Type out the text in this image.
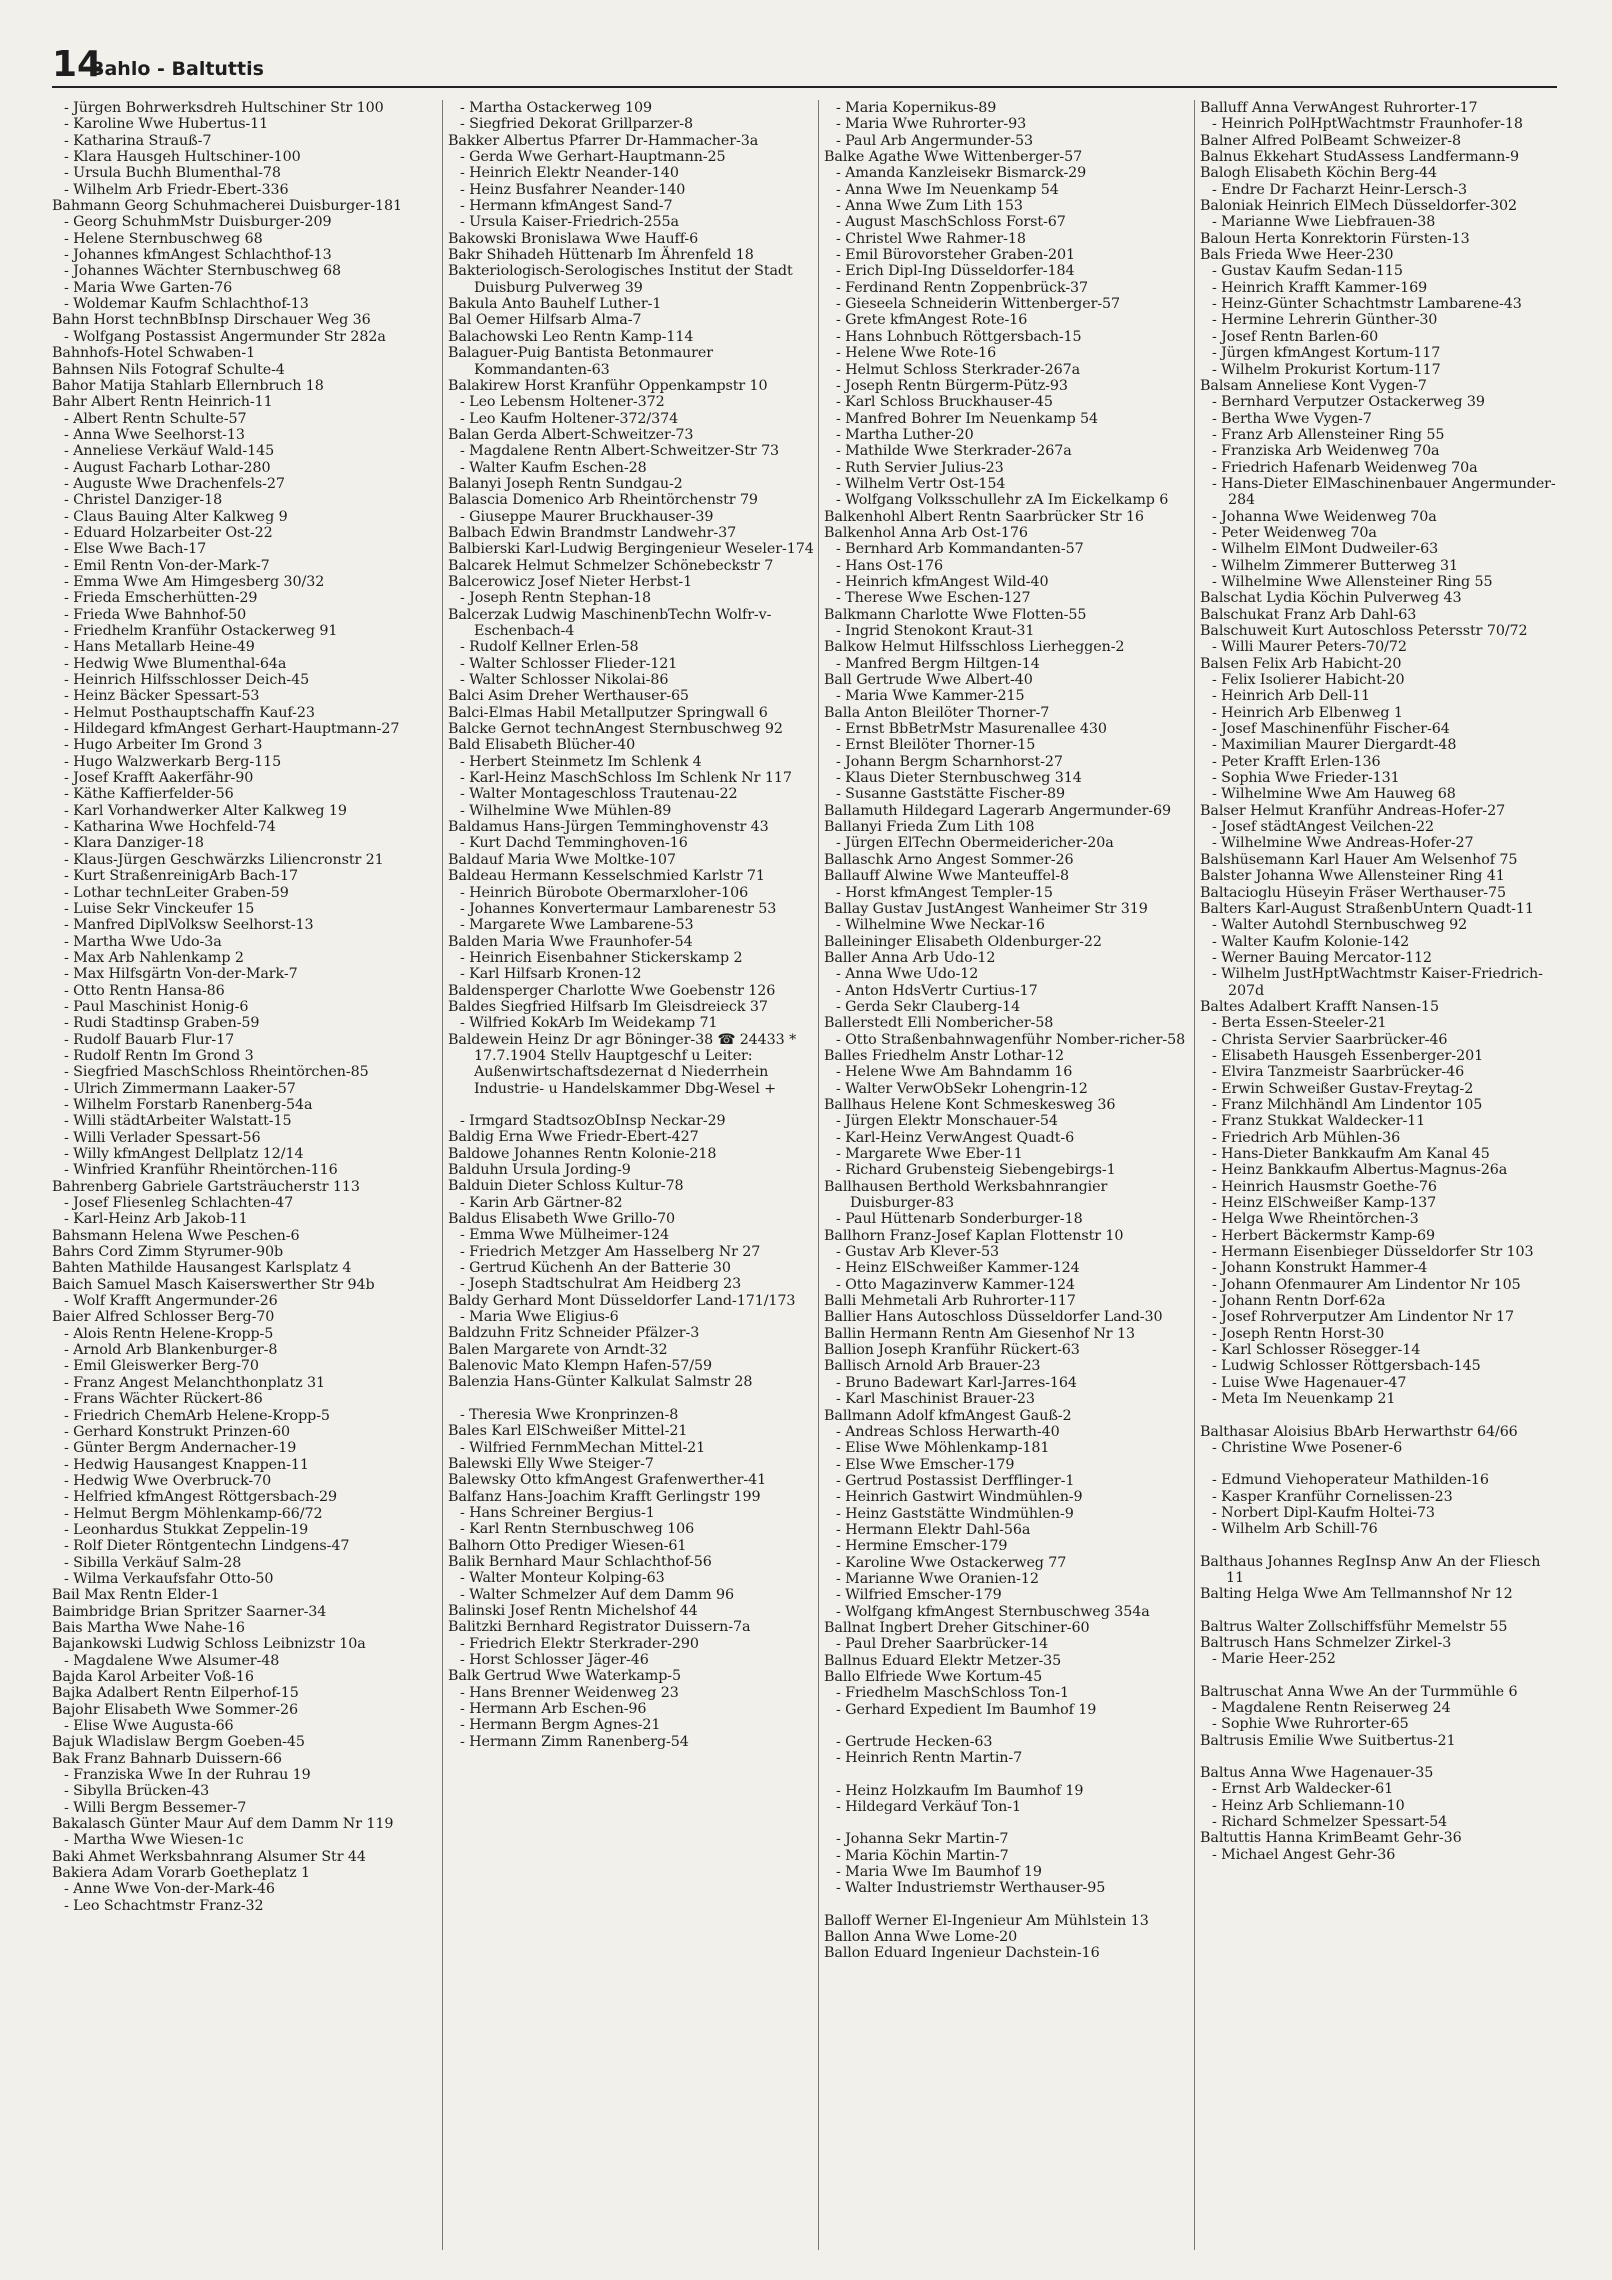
14
Bahlo - Baltuttis
- Jürgen Bohrwerksdreh Hultschiner Str 100
- Karoline Wwe Hubertus-11
- Katharina Strauß-7
- Klara Hausgeh Hultschiner-100
- Ursula Buchh Blumenthal-78
- Wilhelm Arb Friedr-Ebert-336
Bahmann Georg Schuhmacherei Duisburger-181
- Georg SchuhmMstr Duisburger-209
- Helene Sternbuschweg 68
- Johannes kfmAngest Schlachthof-13
- Johannes Wächter Sternbuschweg 68
- Maria Wwe Garten-76
- Woldemar Kaufm Schlachthof-13
Bahn Horst technBbInsp Dirschauer Weg 36
- Wolfgang Postassist Angermunder Str 282a
Bahnhofs-Hotel Schwaben-1
Bahnsen Nils Fotograf Schulte-4
Bahor Matija Stahlarb Ellernbruch 18
Bahr Albert Rentn Heinrich-11
- Albert Rentn Schulte-57
- Anna Wwe Seelhorst-13
- Anneliese Verkäuf Wald-145
- August Facharb Lothar-280
- Auguste Wwe Drachenfels-27
- Christel Danziger-18
- Claus Bauing Alter Kalkweg 9
- Eduard Holzarbeiter Ost-22
- Else Wwe Bach-17
- Emil Rentn Von-der-Mark-7
- Emma Wwe Am Himgesberg 30/32
- Frieda Emscherhütten-29
- Frieda Wwe Bahnhof-50
- Friedhelm Kranführ Ostackerweg 91
- Hans Metallarb Heine-49
- Hedwig Wwe Blumenthal-64a
- Heinrich Hilfsschlosser Deich-45
- Heinz Bäcker Spessart-53
- Helmut Posthauptschaffn Kauf-23
- Hildegard kfmAngest Gerhart-Hauptmann-27
- Hugo Arbeiter Im Grond 3
- Hugo Walzwerkarb Berg-115
- Josef Krafft Aakerfähr-90
- Käthe Kaffierfelder-56
- Karl Vorhandwerker Alter Kalkweg 19
- Katharina Wwe Hochfeld-74
- Klara Danziger-18
- Klaus-Jürgen Geschwärzks Liliencronstr 21
- Kurt StraßenreinigArb Bach-17
- Lothar technLeiter Graben-59
- Luise Sekr Vinckeufer 15
- Manfred DiplVolksw Seelhorst-13
- Martha Wwe Udo-3a
- Max Arb Nahlenkamp 2
- Max Hilfsgärtn Von-der-Mark-7
- Otto Rentn Hansa-86
- Paul Maschinist Honig-6
- Rudi Stadtinsp Graben-59
- Rudolf Bauarb Flur-17
- Rudolf Rentn Im Grond 3
- Siegfried MaschSchloss Rheintörchen-85
- Ulrich Zimmermann Laaker-57
- Wilhelm Forstarb Ranenberg-54a
- Willi städtArbeiter Walstatt-15
- Willi Verlader Spessart-56
- Willy kfmAngest Dellplatz 12/14
- Winfried Kranführ Rheintörchen-116
Bahrenberg Gabriele Gartsträucherstr 113
- Josef Fliesenleg Schlachten-47
- Karl-Heinz Arb Jakob-11
Bahsmann Helena Wwe Peschen-6
Bahrs Cord Zimm Styrumer-90b
Bahten Mathilde Hausangest Karlsplatz 4
Baich Samuel Masch Kaiserswerther Str 94b
- Wolf Krafft Angermunder-26
Baier Alfred Schlosser Berg-70
- Alois Rentn Helene-Kropp-5
- Arnold Arb Blankenburger-8
- Emil Gleiswerker Berg-70
- Franz Angest Melanchthonplatz 31
- Frans Wächter Rückert-86
- Friedrich ChemArb Helene-Kropp-5
- Gerhard Konstrukt Prinzen-60
- Günter Bergm Andernacher-19
- Hedwig Hausangest Knappen-11
- Hedwig Wwe Overbruck-70
- Helfried kfmAngest Röttgersbach-29
- Helmut Bergm Möhlenkamp-66/72
- Leonhardus Stukkat Zeppelin-19
- Rolf Dieter Röntgentechn Lindgens-47
- Sibilla Verkäuf Salm-28
- Wilma Verkaufsfahr Otto-50
Bail Max Rentn Elder-1
Baimbridge Brian Spritzer Saarner-34
Bais Martha Wwe Nahe-16
Bajankowski Ludwig Schloss Leibnizstr 10a
- Magdalene Wwe Alsumer-48
Bajda Karol Arbeiter Voß-16
Bajka Adalbert Rentn Eilperhof-15
Bajohr Elisabeth Wwe Sommer-26
- Elise Wwe Augusta-66
Bajuk Wladislaw Bergm Goeben-45
Bak Franz Bahnarb Duissern-66
- Franziska Wwe In der Ruhrau 19
- Sibylla Brücken-43
- Willi Bergm Bessemer-7
Bakalasch Günter Maur Auf dem Damm Nr 119
- Martha Wwe Wiesen-1c
Baki Ahmet Werksbahnrang Alsumer Str 44
Bakiera Adam Vorarb Goetheplatz 1
- Anne Wwe Von-der-Mark-46
- Leo Schachtmstr Franz-32
- Martha Ostackerweg 109
- Siegfried Dekorat Grillparzer-8
Bakker Albertus Pfarrer Dr-Hammacher-3a
- Gerda Wwe Gerhart-Hauptmann-25
- Heinrich Elektr Neander-140
- Heinz Busfahrer Neander-140
- Hermann kfmAngest Sand-7
- Ursula Kaiser-Friedrich-255a
Bakowski Bronislawa Wwe Hauff-6
Bakr Shihadeh Hüttenarb Im Ährenfeld 18
Bakteriologisch-Serologisches Institut der Stadt Duisburg Pulverweg 39
Bakula Anto Bauhelf Luther-1
Bal Oemer Hilfsarb Alma-7
Balachowski Leo Rentn Kamp-114
Balaguer-Puig Bantista Betonmaurer Kommandanten-63
Balakirew Horst Kranführ Oppenkampstr 10
- Leo Lebensm Holtener-372
- Leo Kaufm Holtener-372/374
Balan Gerda Albert-Schweitzer-73
- Magdalene Rentn Albert-Schweitzer-Str 73
- Walter Kaufm Eschen-28
Balanyi Joseph Rentn Sundgau-2
Balascia Domenico Arb Rheintörchenstr 79
- Giuseppe Maurer Bruckhauser-39
Balbach Edwin Brandmstr Landwehr-37
Balbierski Karl-Ludwig Bergingenieur Weseler-174
Balcarek Helmut Schmelzer Schönebeckstr 7
Balcerowicz Josef Nieter Herbst-1
- Joseph Rentn Stephan-18
Balcerzak Ludwig MaschinenbTechn Wolfr-v-Eschenbach-4
- Rudolf Kellner Erlen-58
- Walter Schlosser Flieder-121
- Walter Schlosser Nikolai-86
Balci Asim Dreher Werthauser-65
Balci-Elmas Habil Metallputzer Springwall 6
Balcke Gernot technAngest Sternbuschweg 92
Bald Elisabeth Blücher-40
- Herbert Steinmetz Im Schlenk 4
- Karl-Heinz MaschSchloss Im Schlenk Nr 117
- Walter Montageschloss Trautenau-22
- Wilhelmine Wwe Mühlen-89
Baldamus Hans-Jürgen Temminghovenstr 43
- Kurt Dachd Temminghoven-16
Baldauf Maria Wwe Moltke-107
Baldeau Hermann Kesselschmied Karlstr 71
- Heinrich Bürobote Obermarxloher-106
- Johannes Konvertermaur Lambarenestr 53
- Margarete Wwe Lambarene-53
Balden Maria Wwe Fraunhofer-54
- Heinrich Eisenbahner Stickerskamp 2
- Karl Hilfsarb Kronen-12
Baldensperger Charlotte Wwe Goebenstr 126
Baldes Siegfried Hilfsarb Im Gleisdreieck 37
- Wilfried KokArb Im Weidekamp 71
Baldewein Heinz Dr agr Böninger-38 ☎ 24433 * 17.7.1904 Stellv Hauptgeschf u Leiter: Außenwirtschaftsdezernat d Niederrhein Industrie- u Handelskammer Dbg-Wesel +
- Irmgard StadtsozObInsp Neckar-29
Baldig Erna Wwe Friedr-Ebert-427
Baldowe Johannes Rentn Kolonie-218
Balduhn Ursula Jording-9
Balduin Dieter Schloss Kultur-78
- Karin Arb Gärtner-82
Baldus Elisabeth Wwe Grillo-70
- Emma Wwe Mülheimer-124
- Friedrich Metzger Am Hasselberg Nr 27
- Gertrud Küchenh An der Batterie 30
- Joseph Stadtschulrat Am Heidberg 23
Baldy Gerhard Mont Düsseldorfer Land-171/173
- Maria Wwe Eligius-6
Baldzuhn Fritz Schneider Pfälzer-3
Balen Margarete von Arndt-32
Balenovic Mato Klempn Hafen-57/59
Balenzia Hans-Günter Kalkulat Salmstr 28
- Theresia Wwe Kronprinzen-8
Bales Karl ElSchweißer Mittel-21
- Wilfried FernmMechan Mittel-21
Balewski Elly Wwe Steiger-7
Balewsky Otto kfmAngest Grafenwerther-41
Balfanz Hans-Joachim Krafft Gerlingstr 199
- Hans Schreiner Bergius-1
- Karl Rentn Sternbuschweg 106
Balhorn Otto Prediger Wiesen-61
Balik Bernhard Maur Schlachthof-56
- Walter Monteur Kolping-63
- Walter Schmelzer Auf dem Damm 96
Balinski Josef Rentn Michelshof 44
Balitzki Bernhard Registrator Duissern-7a
- Friedrich Elektr Sterkrader-290
- Horst Schlosser Jäger-46
Balk Gertrud Wwe Waterkamp-5
- Hans Brenner Weidenweg 23
- Hermann Arb Eschen-96
- Hermann Bergm Agnes-21
- Hermann Zimm Ranenberg-54
- Maria Kopernikus-89
- Maria Wwe Ruhrorter-93
- Paul Arb Angermunder-53
Balke Agathe Wwe Wittenberger-57
- Amanda Kanzleisekr Bismarck-29
- Anna Wwe Im Neuenkamp 54
- Anna Wwe Zum Lith 153
- August MaschSchloss Forst-67
- Christel Wwe Rahmer-18
- Emil Bürovorsteher Graben-201
- Erich Dipl-Ing Düsseldorfer-184
- Ferdinand Rentn Zoppenbrück-37
- Gieseela Schneiderin Wittenberger-57
- Grete kfmAngest Rote-16
- Hans Lohnbuch Röttgersbach-15
- Helene Wwe Rote-16
- Helmut Schloss Sterkrader-267a
- Joseph Rentn Bürgerm-Pütz-93
- Karl Schloss Bruckhauser-45
- Manfred Bohrer Im Neuenkamp 54
- Martha Luther-20
- Mathilde Wwe Sterkrader-267a
- Ruth Servier Julius-23
- Wilhelm Vertr Ost-154
- Wolfgang Volksschullehr zA Im Eickelkamp 6
Balkenhohl Albert Rentn Saarbrücker Str 16
Balkenhol Anna Arb Ost-176
- Bernhard Arb Kommandanten-57
- Hans Ost-176
- Heinrich kfmAngest Wild-40
- Therese Wwe Eschen-127
Balkmann Charlotte Wwe Flotten-55
- Ingrid Stenokont Kraut-31
Balkow Helmut Hilfsschloss Lierheggen-2
- Manfred Bergm Hiltgen-14
Ball Gertrude Wwe Albert-40
- Maria Wwe Kammer-215
Balla Anton Bleilöter Thorner-7
- Ernst BbBetrMstr Masurenallee 430
- Ernst Bleilöter Thorner-15
- Johann Bergm Scharnhorst-27
- Klaus Dieter Sternbuschweg 314
- Susanne Gaststätte Fischer-89
Ballamuth Hildegard Lagerarb Angermunder-69
Ballanyi Frieda Zum Lith 108
- Jürgen ElTechn Obermeidericher-20a
Ballaschk Arno Angest Sommer-26
Ballauff Alwine Wwe Manteuffel-8
- Horst kfmAngest Templer-15
Ballay Gustav JustAngest Wanheimer Str 319
- Wilhelmine Wwe Neckar-16
Balleininger Elisabeth Oldenburger-22
Baller Anna Arb Udo-12
- Anna Wwe Udo-12
- Anton HdsVertr Curtius-17
- Gerda Sekr Clauberg-14
Ballerstedt Elli Nombericher-58
- Otto Straßenbahnwagenführ Nomber-richer-58
Balles Friedhelm Anstr Lothar-12
- Helene Wwe Am Bahndamm 16
- Walter VerwObSekr Lohengrin-12
Ballhaus Helene Kont Schmeskesweg 36
- Jürgen Elektr Monschauer-54
- Karl-Heinz VerwAngest Quadt-6
- Margarete Wwe Eber-11
- Richard Grubensteig Siebengebirgs-1
Ballhausen Berthold Werksbahnrangier Duisburger-83
- Paul Hüttenarb Sonderburger-18
Ballhorn Franz-Josef Kaplan Flottenstr 10
- Gustav Arb Klever-53
- Heinz ElSchweißer Kammer-124
- Otto Magazinverw Kammer-124
Balli Mehmetali Arb Ruhrorter-117
Ballier Hans Autoschloss Düsseldorfer Land-30
Ballin Hermann Rentn Am Giesenhof Nr 13
Ballion Joseph Kranführ Rückert-63
Ballisch Arnold Arb Brauer-23
- Bruno Badewart Karl-Jarres-164
- Karl Maschinist Brauer-23
Ballmann Adolf kfmAngest Gauß-2
- Andreas Schloss Herwarth-40
- Elise Wwe Möhlenkamp-181
- Else Wwe Emscher-179
- Gertrud Postassist Derfflinger-1
- Heinrich Gastwirt Windmühlen-9
- Heinz Gaststätte Windmühlen-9
- Hermann Elektr Dahl-56a
- Hermine Emscher-179
- Karoline Wwe Ostackerweg 77
- Marianne Wwe Oranien-12
- Wilfried Emscher-179
- Wolfgang kfmAngest Sternbuschweg 354a
Ballnat Ingbert Dreher Gitschiner-60
- Paul Dreher Saarbrücker-14
Ballnus Eduard Elektr Metzer-35
Ballo Elfriede Wwe Kortum-45
- Friedhelm MaschSchloss Ton-1
- Gerhard Expedient Im Baumhof 19
- Gertrude Hecken-63
- Heinrich Rentn Martin-7
- Heinz Holzkaufm Im Baumhof 19
- Hildegard Verkäuf Ton-1
- Johanna Sekr Martin-7
- Maria Köchin Martin-7
- Maria Wwe Im Baumhof 19
- Walter Industriemstr Werthauser-95
Balloff Werner El-Ingenieur Am Mühlstein 13
Ballon Anna Wwe Lome-20
Ballon Eduard Ingenieur Dachstein-16
Balluff Anna VerwAngest Ruhrorter-17
- Heinrich PolHptWachtmstr Fraunhofer-18
Balner Alfred PolBeamt Schweizer-8
Balnus Ekkehart StudAssess Landfermann-9
Balogh Elisabeth Köchin Berg-44
- Endre Dr Facharzt Heinr-Lersch-3
Baloniak Heinrich ElMech Düsseldorfer-302
- Marianne Wwe Liebfrauen-38
Baloun Herta Konrektorin Fürsten-13
Bals Frieda Wwe Heer-230
- Gustav Kaufm Sedan-115
- Heinrich Krafft Kammer-169
- Heinz-Günter Schachtmstr Lambarene-43
- Hermine Lehrerin Günther-30
- Josef Rentn Barlen-60
- Jürgen kfmAngest Kortum-117
- Wilhelm Prokurist Kortum-117
Balsam Anneliese Kont Vygen-7
- Bernhard Verputzer Ostackerweg 39
- Bertha Wwe Vygen-7
- Franz Arb Allensteiner Ring 55
- Franziska Arb Weidenweg 70a
- Friedrich Hafenarb Weidenweg 70a
- Hans-Dieter ElMaschinenbauer Angermunder-284
- Johanna Wwe Weidenweg 70a
- Peter Weidenweg 70a
- Wilhelm ElMont Dudweiler-63
- Wilhelm Zimmerer Butterweg 31
- Wilhelmine Wwe Allensteiner Ring 55
Balschat Lydia Köchin Pulverweg 43
Balschukat Franz Arb Dahl-63
Balschuweit Kurt Autoschloss Petersstr 70/72
- Willi Maurer Peters-70/72
Balsen Felix Arb Habicht-20
- Felix Isolierer Habicht-20
- Heinrich Arb Dell-11
- Heinrich Arb Elbenweg 1
- Josef Maschinenführ Fischer-64
- Maximilian Maurer Diergardt-48
- Peter Krafft Erlen-136
- Sophia Wwe Frieder-131
- Wilhelmine Wwe Am Hauweg 68
Balser Helmut Kranführ Andreas-Hofer-27
- Josef städtAngest Veilchen-22
- Wilhelmine Wwe Andreas-Hofer-27
Balshüsemann Karl Hauer Am Welsenhof 75
Balster Johanna Wwe Allensteiner Ring 41
Baltacioglu Hüseyin Fräser Werthauser-75
Balters Karl-August StraßenbUntern Quadt-11
- Walter Autohdl Sternbuschweg 92
- Walter Kaufm Kolonie-142
- Werner Bauing Mercator-112
- Wilhelm JustHptWachtmstr Kaiser-Friedrich-207d
Baltes Adalbert Krafft Nansen-15
- Berta Essen-Steeler-21
- Christa Servier Saarbrücker-46
- Elisabeth Hausgeh Essenberger-201
- Elvira Tanzmeistr Saarbrücker-46
- Erwin Schweißer Gustav-Freytag-2
- Franz Milchhändl Am Lindentor 105
- Franz Stukkat Waldecker-11
- Friedrich Arb Mühlen-36
- Hans-Dieter Bankkaufm Am Kanal 45
- Heinz Bankkaufm Albertus-Magnus-26a
- Heinrich Hausmstr Goethe-76
- Heinz ElSchweißer Kamp-137
- Helga Wwe Rheintörchen-3
- Herbert Bäckermstr Kamp-69
- Hermann Eisenbieger Düsseldorfer Str 103
- Johann Konstrukt Hammer-4
- Johann Ofenmaurer Am Lindentor Nr 105
- Johann Rentn Dorf-62a
- Josef Rohrverputzer Am Lindentor Nr 17
- Joseph Rentn Horst-30
- Karl Schlosser Rösegger-14
- Ludwig Schlosser Röttgersbach-145
- Luise Wwe Hagenauer-47
- Meta Im Neuenkamp 21
Balthasar Aloisius BbArb Herwarthstr 64/66
- Christine Wwe Posener-6
- Edmund Viehoperateur Mathilden-16
- Kasper Kranführ Cornelissen-23
- Norbert Dipl-Kaufm Holtei-73
- Wilhelm Arb Schill-76
Balthaus Johannes RegInsp Anw An der Fliesch 11
Balting Helga Wwe Am Tellmannshof Nr 12
Baltrus Walter Zollschiffsführ Memelstr 55
Baltrusch Hans Schmelzer Zirkel-3
- Marie Heer-252
Baltruschat Anna Wwe An der Turmmühle 6
- Magdalene Rentn Reiserweg 24
- Sophie Wwe Ruhrorter-65
Baltrusis Emilie Wwe Suitbertus-21
Baltus Anna Wwe Hagenauer-35
- Ernst Arb Waldecker-61
- Heinz Arb Schliemann-10
- Richard Schmelzer Spessart-54
Baltuttis Hanna KrimBeamt Gehr-36
- Michael Angest Gehr-36
